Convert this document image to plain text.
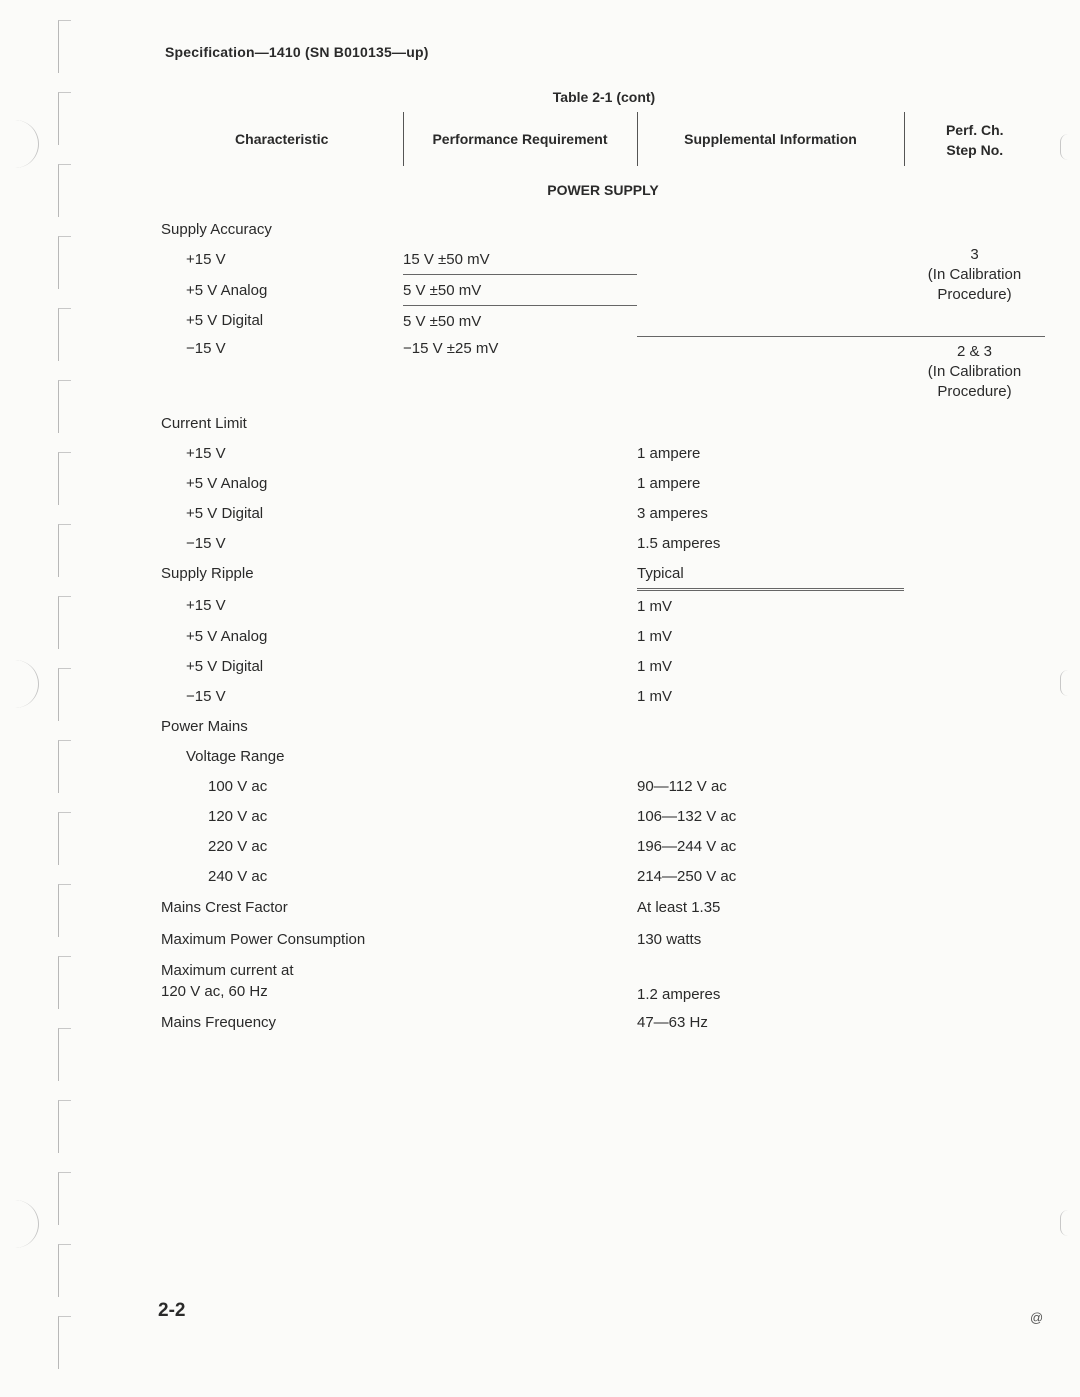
Specification—1410 (SN B010135—up)
Table 2-1 (cont)
Characteristic	Performance Requirement	Supplemental Information	Perf. Ch.
Step No.
POWER SUPPLY			
Supply Accuracy			3
(In Calibration
Procedure)
+15 V	15 V ±50 mV		
+5 V Analog	5 V ±50 mV		
+5 V Digital	5 V ±50 mV		
−15 V	−15 V ±25 mV		2 & 3
(In Calibration
Procedure)
Current Limit			
+15 V		1 ampere	
+5 V Analog		1 ampere	
+5 V Digital		3 amperes	
−15 V		1.5 amperes	
Supply Ripple		Typical	
+15 V		1 mV	
+5 V Analog		1 mV	
+5 V Digital		1 mV	
−15 V		1 mV	
Power Mains			
Voltage Range			
100 V ac		90—112 V ac	
120 V ac		106—132 V ac	
220 V ac		196—244 V ac	
240 V ac		214—250 V ac	
Mains Crest Factor		At least 1.35	
Maximum Power Consumption		130 watts	
Maximum current at
120 V ac, 60 Hz		1.2 amperes	
Mains Frequency		47—63 Hz	
2-2	@
